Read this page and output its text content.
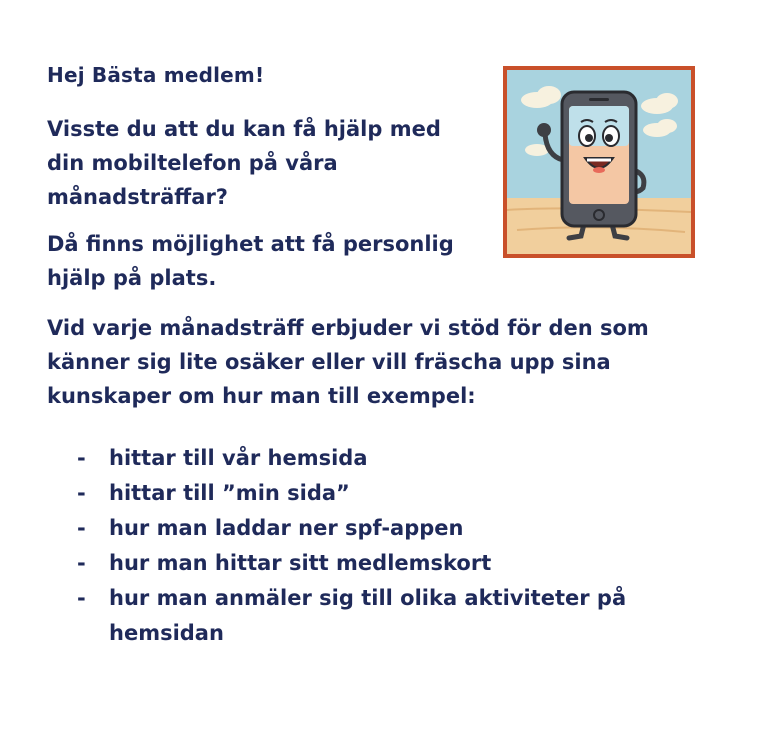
Hej Bästa medlem!
Visste du att du kan få hjälp med din mobiltelefon på våra månadsträffar?
Då finns möjlighet att få personlig hjälp på plats.
Vid varje månadsträff erbjuder vi stöd för den som känner sig lite osäker eller vill fräscha upp sina kunskaper om hur man till exempel:
- hittar till vår hemsida
- hittar till ”min sida”
- hur man laddar ner spf-appen
- hur man hittar sitt medlemskort
- hur man anmäler sig till olika aktiviteter på hemsidan
